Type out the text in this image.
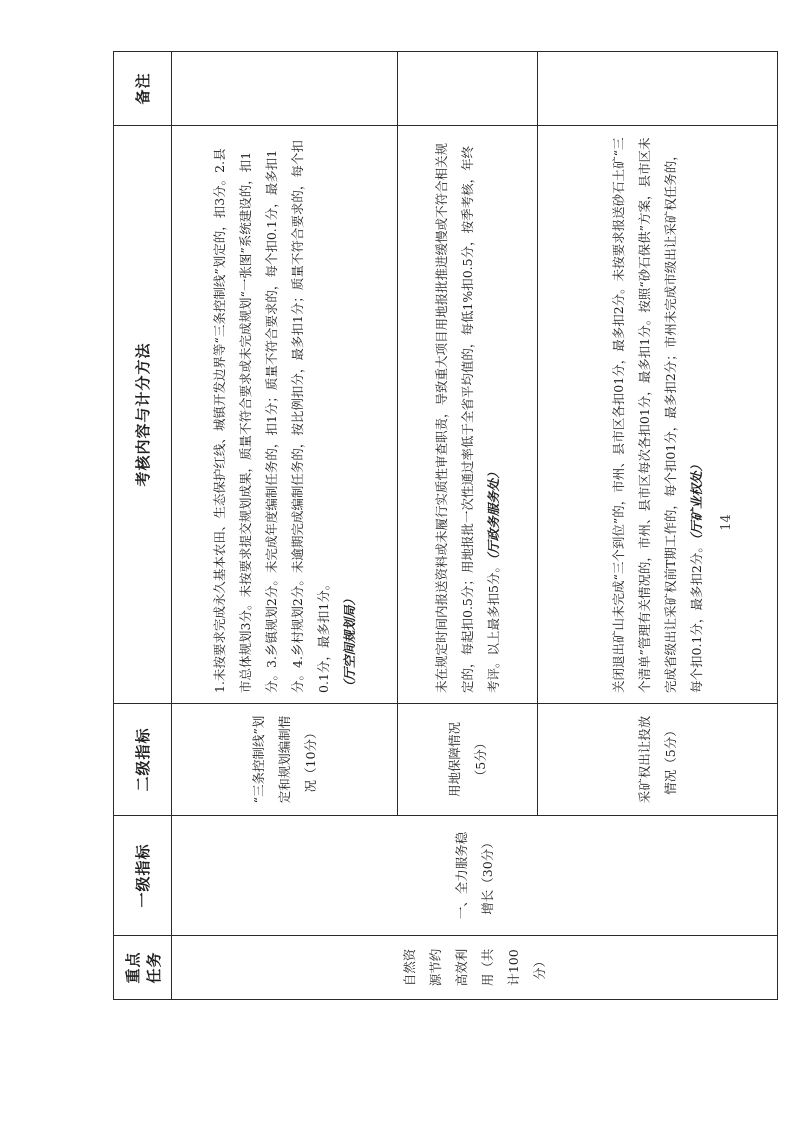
重点任务	一级指标	二级指标	考核内容与计分方法	备注
自然资源节约高效利用（共计100分）	一、全力服务稳增长（30分）	“三条控制线”划定和规划编制情况（10分）	1.未按要求完成永久基本农田、生态保护红线、城镇开发边界等“三条控制线”划定的，扣3分。2.县市总体规划3分。未按要求提交规划成果，质量不符合要求或未完成规划“一张图”系统建设的，扣1分。3.乡镇规划2分。未完成年度编制任务的，扣1分；质量不符合要求的，每个扣0.1分，最多扣1分。4.乡村规划2分。未逾期完成编制任务的，按比例扣分，最多扣1分；质量不符合要求的，每个扣0.1分，最多扣1分。 （厅空间规划局）	
		用地保障情况（5分）	未在规定时间内报送资料或未履行实质性审查职责，导致重大项目用地报批推进缓慢或不符合相关规定的，每起扣0.5分；用地报批一次性通过率低于全省平均值的，每低1%扣0.5分，按季考核，年终考评。以上最多扣5分。（厅政务服务处）	
		采矿权出让投放情况（5分）	关闭退出矿山未完成“三个到位”的，市州、县市区各扣01分，最多扣2分。未按要求报送砂石土矿“三个清单”管理有关情况的，市州、县市区每次各扣01分，最多扣1分。按照“砂石保供”方案，县市区未完成省级出让采矿权前T期工作的，每个扣01分，最多扣2分；市州未完成市级出让采矿权任务的，每个扣0.1分，最多扣2分。（厅矿业权处）	14
